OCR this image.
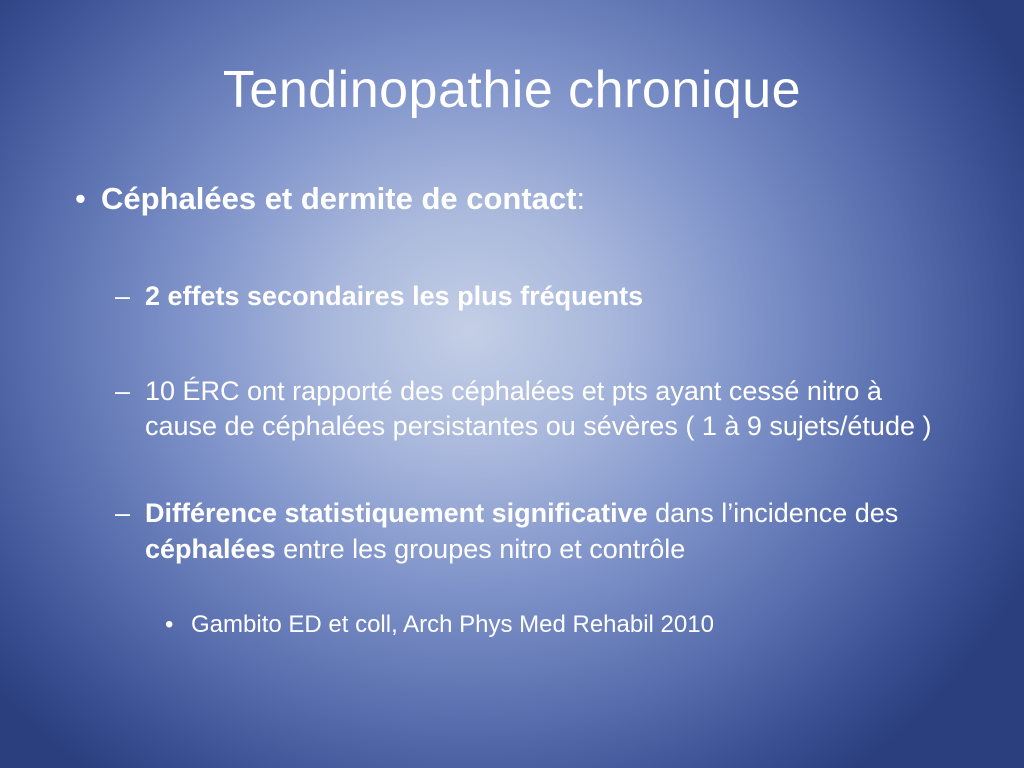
Tendinopathie chronique
• Céphalées et dermite de contact:
– 2 effets secondaires les plus fréquents
– 10 ÉRC ont rapporté des céphalées et pts ayant cessé nitro à cause de céphalées persistantes ou sévères ( 1 à 9 sujets/étude )
– Différence statistiquement significative dans l’incidence des céphalées entre les groupes nitro et contrôle
• Gambito ED et coll, Arch Phys Med Rehabil 2010
